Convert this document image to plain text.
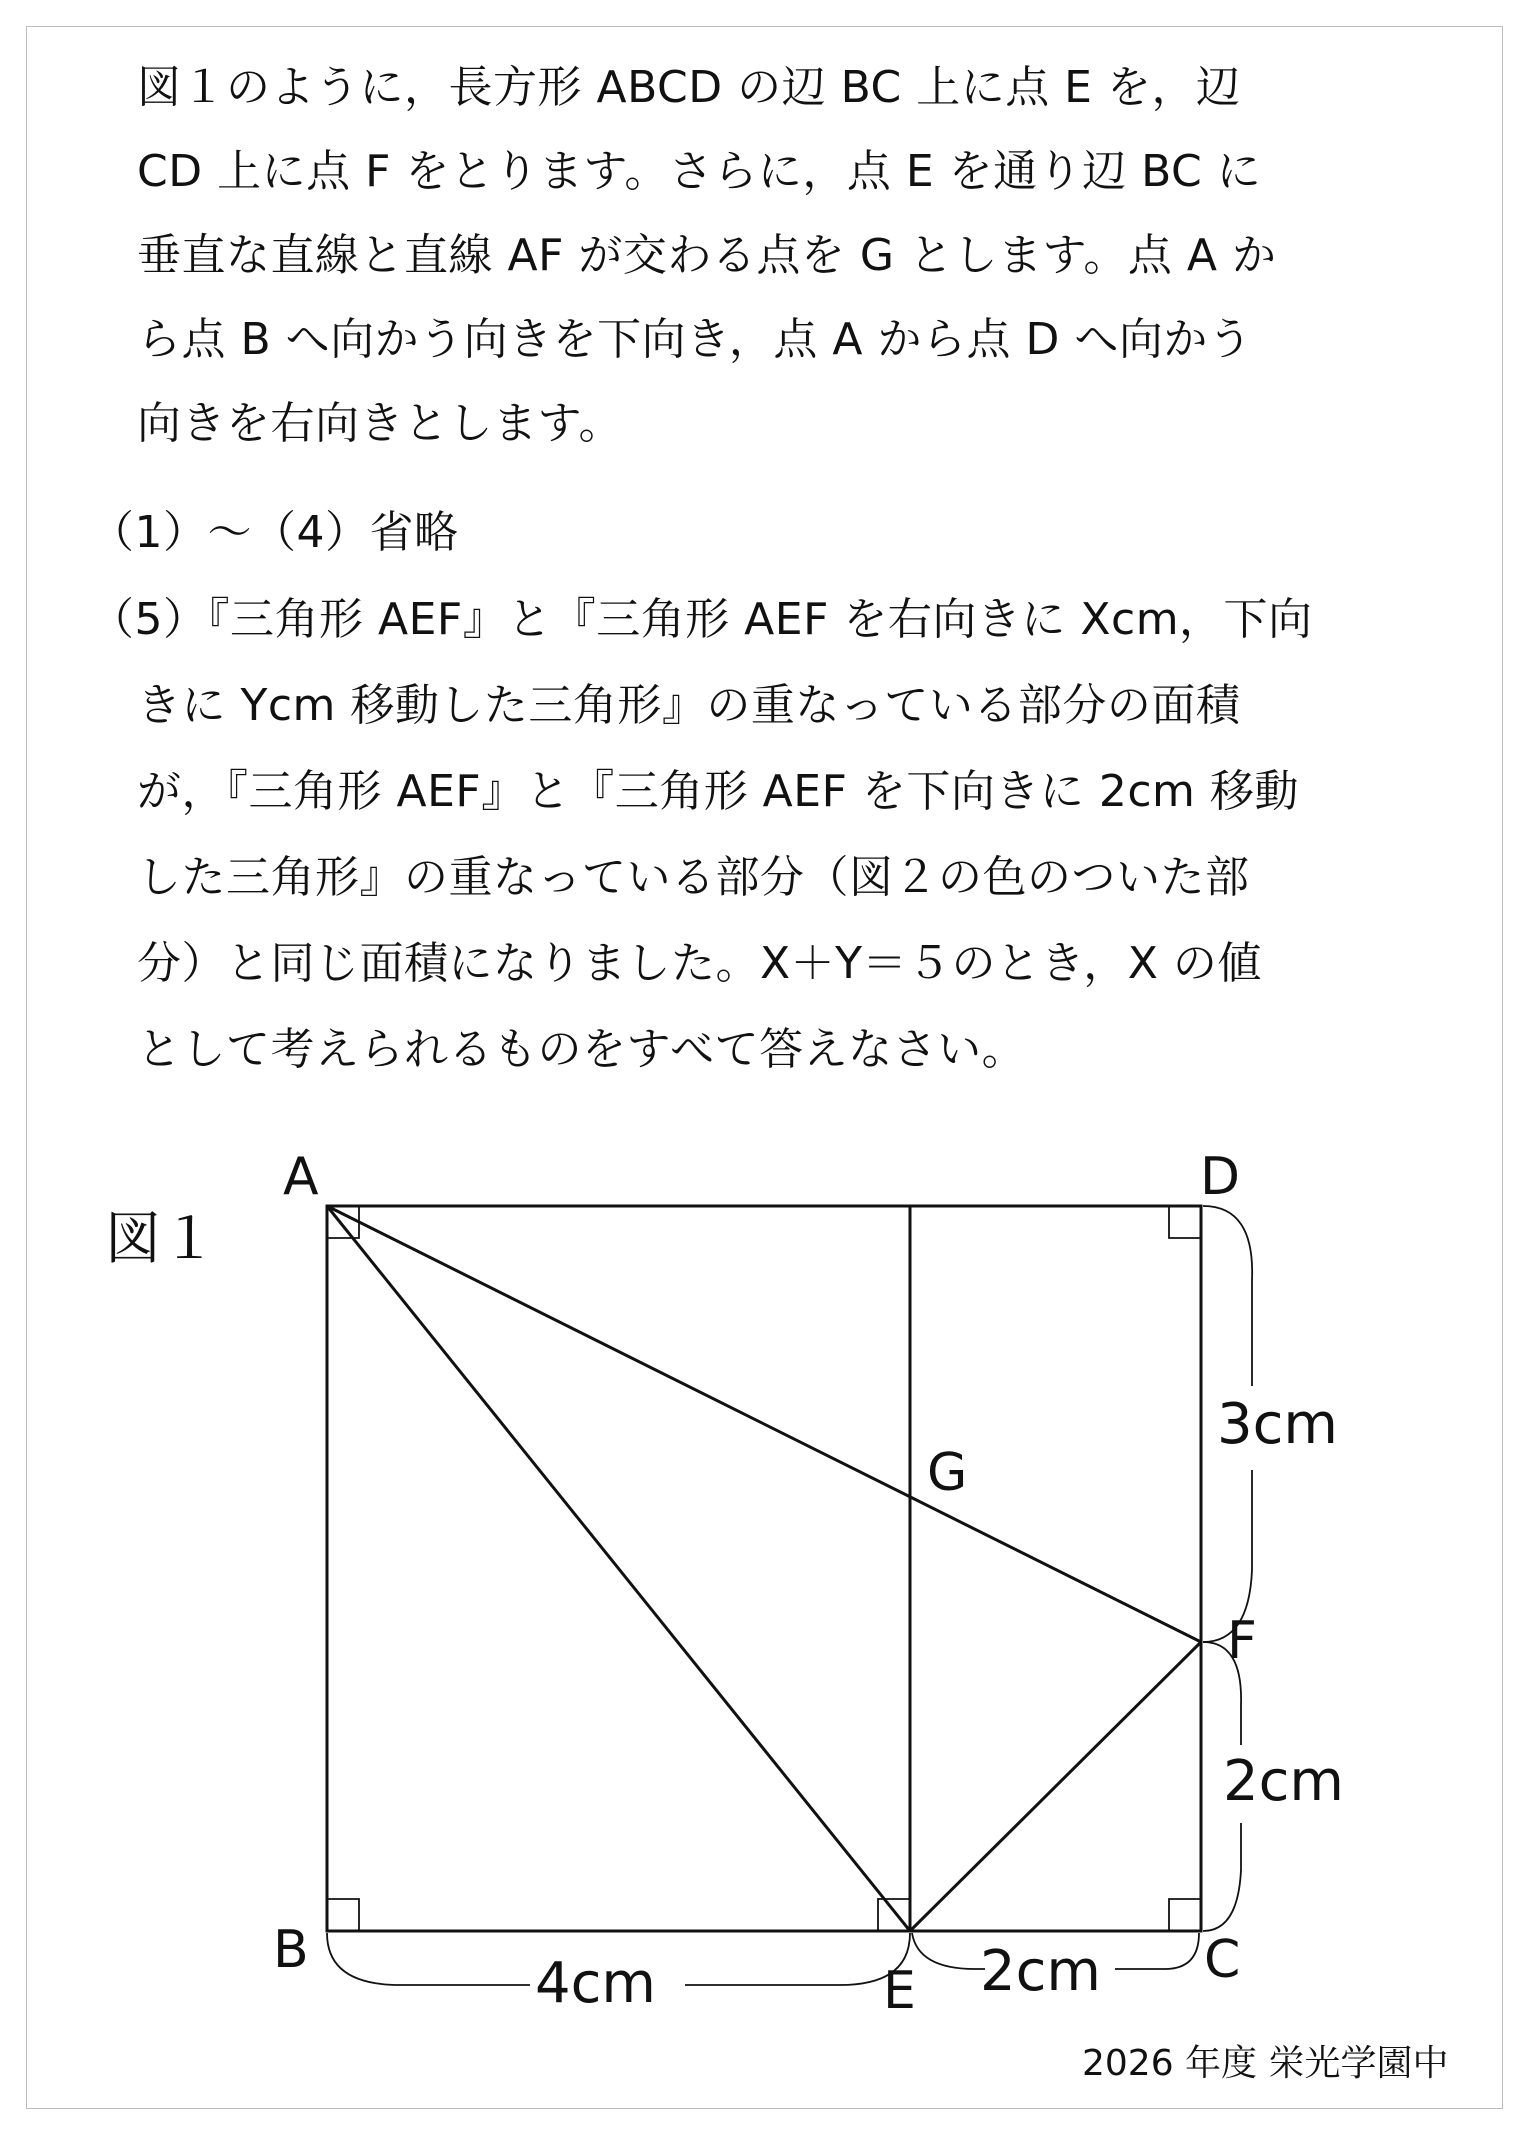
図１のように，長方形 ABCD の辺 BC 上に点 E を，辺
CD 上に点 F をとります。さらに，点 E を通り辺 BC に
垂直な直線と直線 AF が交わる点を G とします。点 A か
ら点 B へ向かう向きを下向き，点 A から点 D へ向かう
向きを右向きとします。
（1）～（4）省略
（5）『三角形 AEF』と『三角形 AEF を右向きに Xcm，下向
きに Ycm 移動した三角形』の重なっている部分の面積
が，『三角形 AEF』と『三角形 AEF を下向きに 2cm 移動
した三角形』の重なっている部分（図２の色のついた部
分）と同じ面積になりました。X＋Y＝５のとき，X の値
として考えられるものをすべて答えなさい。
図１
A	D
G
F
B
E
C
3cm
2cm
4cm	2cm
2026 年度 栄光学園中
